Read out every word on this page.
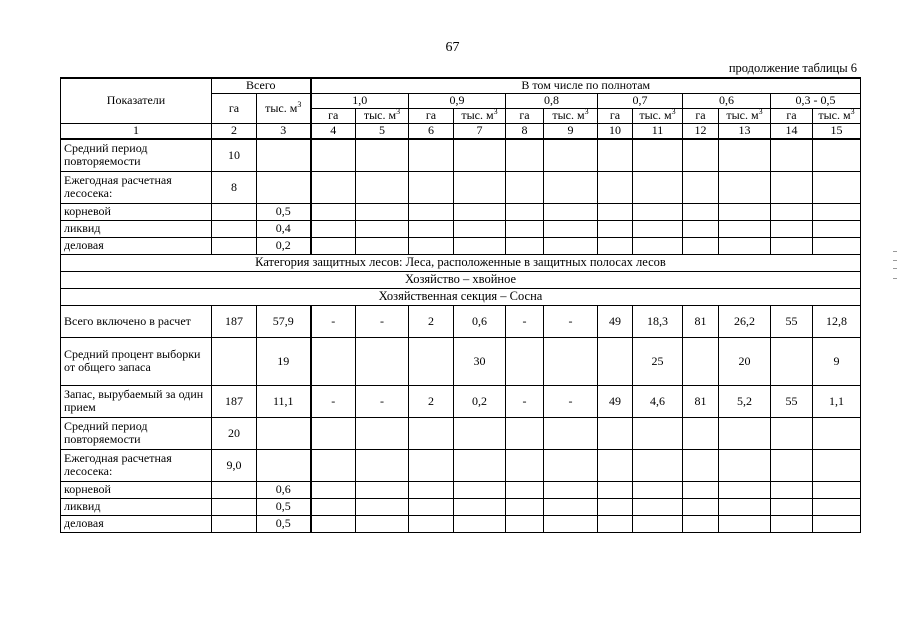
67
продолжение таблицы 6
Показатели	Всего		В том числе по полнотам											
	га	тыс. $м^3$	1,0		0,9		0,8		0,7		0,6		0,3 - 0,5	
			га	тыс. $м^3$	га	тыс. $м^3$	га	тыс. $м^3$	га	тыс. $м^3$	га	тыс. $м^3$	га	тыс. $м^3$
1	2	3	4	5	6	7	8	9	10	11	12	13	14	15
Средний период повторяемости	10													
Ежегодная расчетная лесосека:	8													
корневой		0,5												
ликвид		0,4												
деловая		0,2												
Категория защитных лесов: Леса, расположенные в защитных полосах лесов														
Хозяйство – хвойное														
Хозяйственная секция – Сосна														
Всего включено в расчет	187	57,9	-	-	2	0,6	-	-	49	18,3	81	26,2	55	12,8
Средний процент выборки от общего запаса		19				30				25		20		9
Запас, вырубаемый за один прием	187	11,1	-	-	2	0,2	-	-	49	4,6	81	5,2	55	1,1
Средний период повторяемости	20													
Ежегодная расчетная лесосека:	9,0													
корневой		0,6												
ликвид		0,5												
деловая		0,5												
